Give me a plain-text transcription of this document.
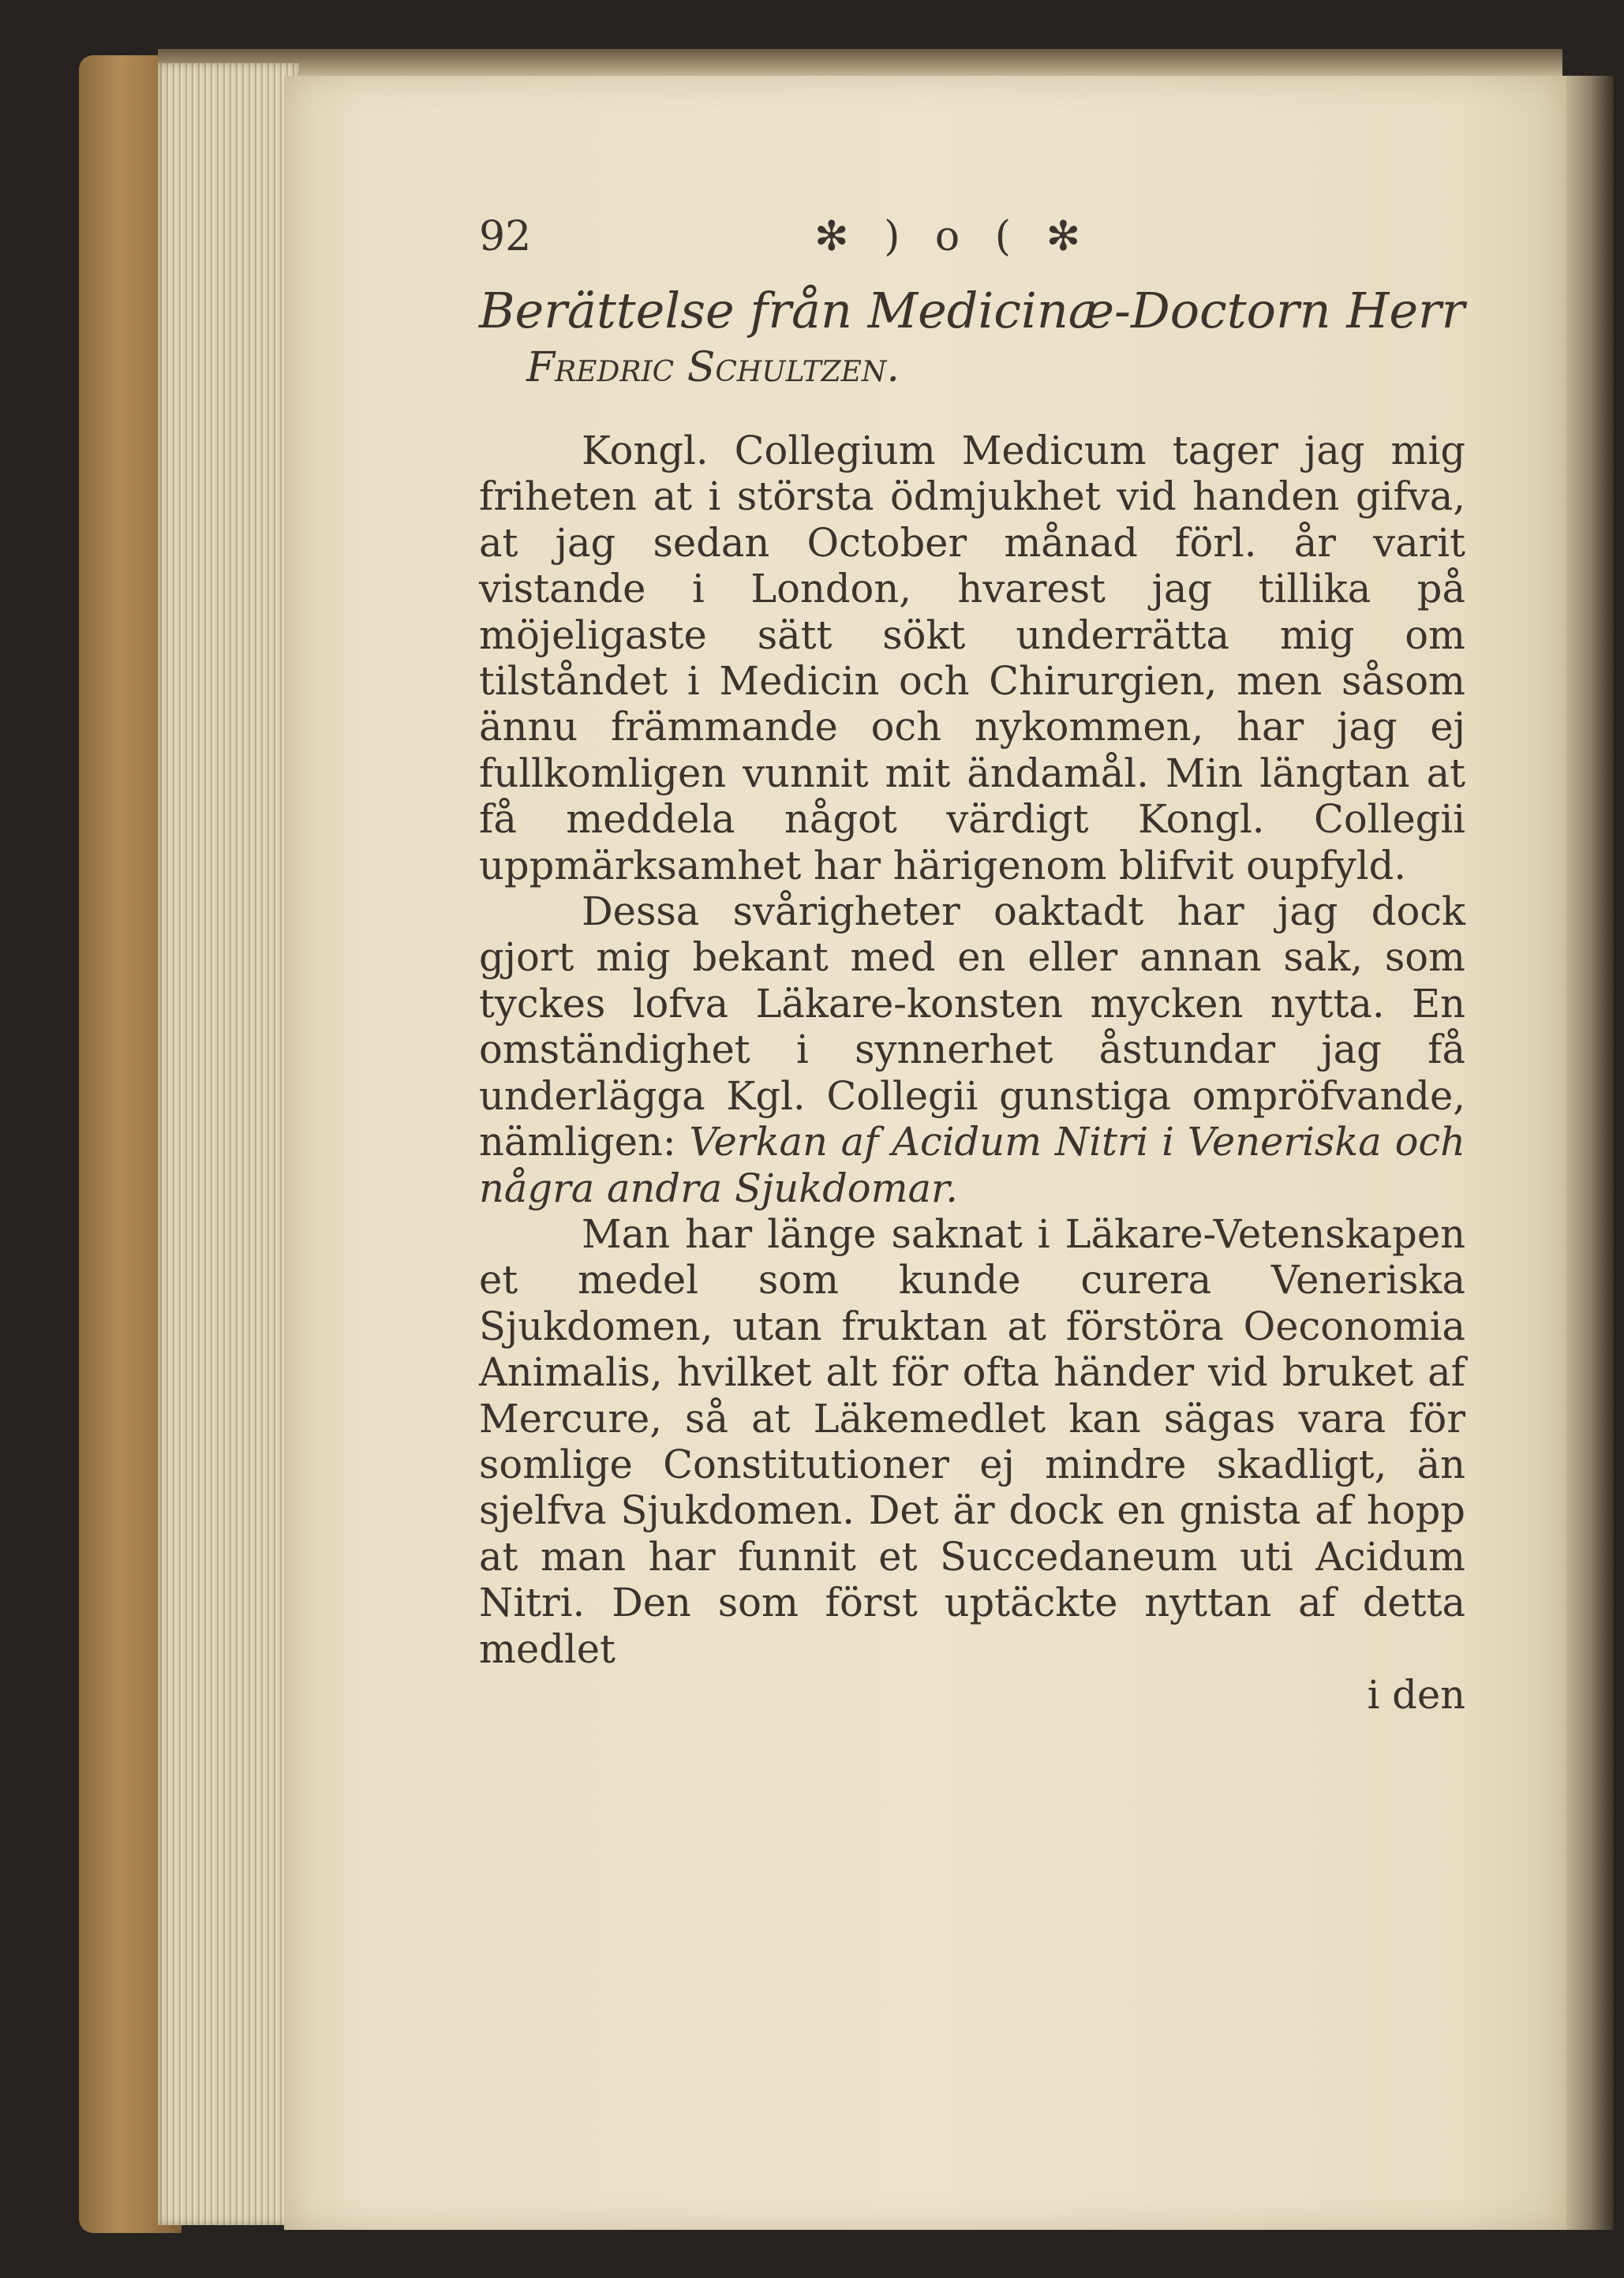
92	✻ ) o ( ✻
Berättelse från Medicinæ-Doctorn Herr
Fredric Schultzen.

Kongl. Collegium Medicum tager jag mig friheten at i största ödmjukhet vid handen gifva, at jag sedan October månad förl. år varit vistande i London, hvarest jag tillika på möjeligaste sätt sökt underrätta mig om tilståndet i Medicin och Chirurgien, men såsom ännu främmande och nykommen, har jag ej fullkomligen vunnit mit ändamål. Min längtan at få meddela något värdigt Kongl. Collegii uppmärksamhet har härigenom blifvit oupfyld.

Dessa svårigheter oaktadt har jag dock gjort mig bekant med en eller annan sak, som tyckes lofva Läkare-konsten mycken nytta. En omständighet i synnerhet åstundar jag få underlägga Kgl. Collegii gunstiga ompröfvande, nämligen: Verkan af Acidum Nitri i Veneriska och några andra Sjukdomar.

Man har länge saknat i Läkare-Vetenskapen et medel som kunde curera Veneriska Sjukdomen, utan fruktan at förstöra Oeconomia Animalis, hvilket alt för ofta händer vid bruket af Mercure, så at Läkemedlet kan sägas vara för somlige Constitutioner ej mindre skadligt, än sjelfva Sjukdomen. Det är dock en gnista af hopp at man har funnit et Succedaneum uti Acidum Nitri. Den som först uptäckte nyttan af detta medlet

i den
